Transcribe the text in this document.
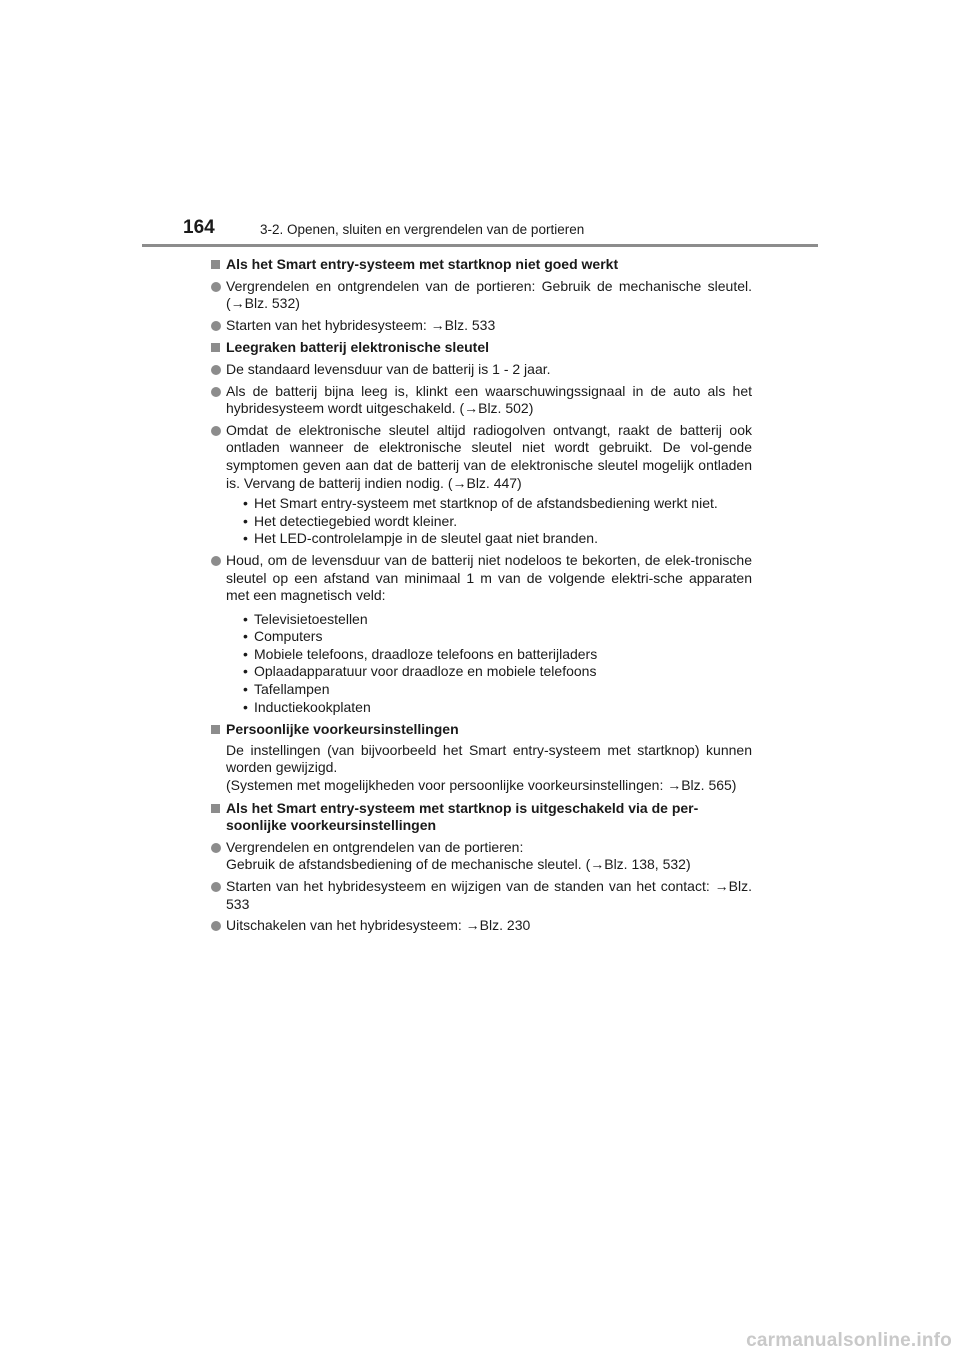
164	3-2. Openen, sluiten en vergrendelen van de portieren
Als het Smart entry-systeem met startknop niet goed werkt
Vergrendelen en ontgrendelen van de portieren: Gebruik de mechanische sleutel. (→Blz. 532)
Starten van het hybridesysteem: →Blz. 533
Leegraken batterij elektronische sleutel
De standaard levensduur van de batterij is 1 - 2 jaar.
Als de batterij bijna leeg is, klinkt een waarschuwingssignaal in de auto als het hybridesysteem wordt uitgeschakeld. (→Blz. 502)
Omdat de elektronische sleutel altijd radiogolven ontvangt, raakt de batterij ook ontladen wanneer de elektronische sleutel niet wordt gebruikt. De vol-gende symptomen geven aan dat de batterij van de elektronische sleutel mogelijk ontladen is. Vervang de batterij indien nodig. (→Blz. 447)
• Het Smart entry-systeem met startknop of de afstandsbediening werkt niet.
• Het detectiegebied wordt kleiner.
• Het LED-controlelampje in de sleutel gaat niet branden.
Houd, om de levensduur van de batterij niet nodeloos te bekorten, de elek-tronische sleutel op een afstand van minimaal 1 m van de volgende elektri-sche apparaten met een magnetisch veld:
• Televisietoestellen
• Computers
• Mobiele telefoons, draadloze telefoons en batterijladers
• Oplaadapparatuur voor draadloze en mobiele telefoons
• Tafellampen
• Inductiekookplaten
Persoonlijke voorkeursinstellingen
De instellingen (van bijvoorbeeld het Smart entry-systeem met startknop) kunnen worden gewijzigd.
(Systemen met mogelijkheden voor persoonlijke voorkeursinstellingen: →Blz. 565)
Als het Smart entry-systeem met startknop is uitgeschakeld via de per-soonlijke voorkeursinstellingen
Vergrendelen en ontgrendelen van de portieren:
Gebruik de afstandsbediening of de mechanische sleutel. (→Blz. 138, 532)
Starten van het hybridesysteem en wijzigen van de standen van het contact: →Blz. 533
Uitschakelen van het hybridesysteem: →Blz. 230
carmanualsonline.info
